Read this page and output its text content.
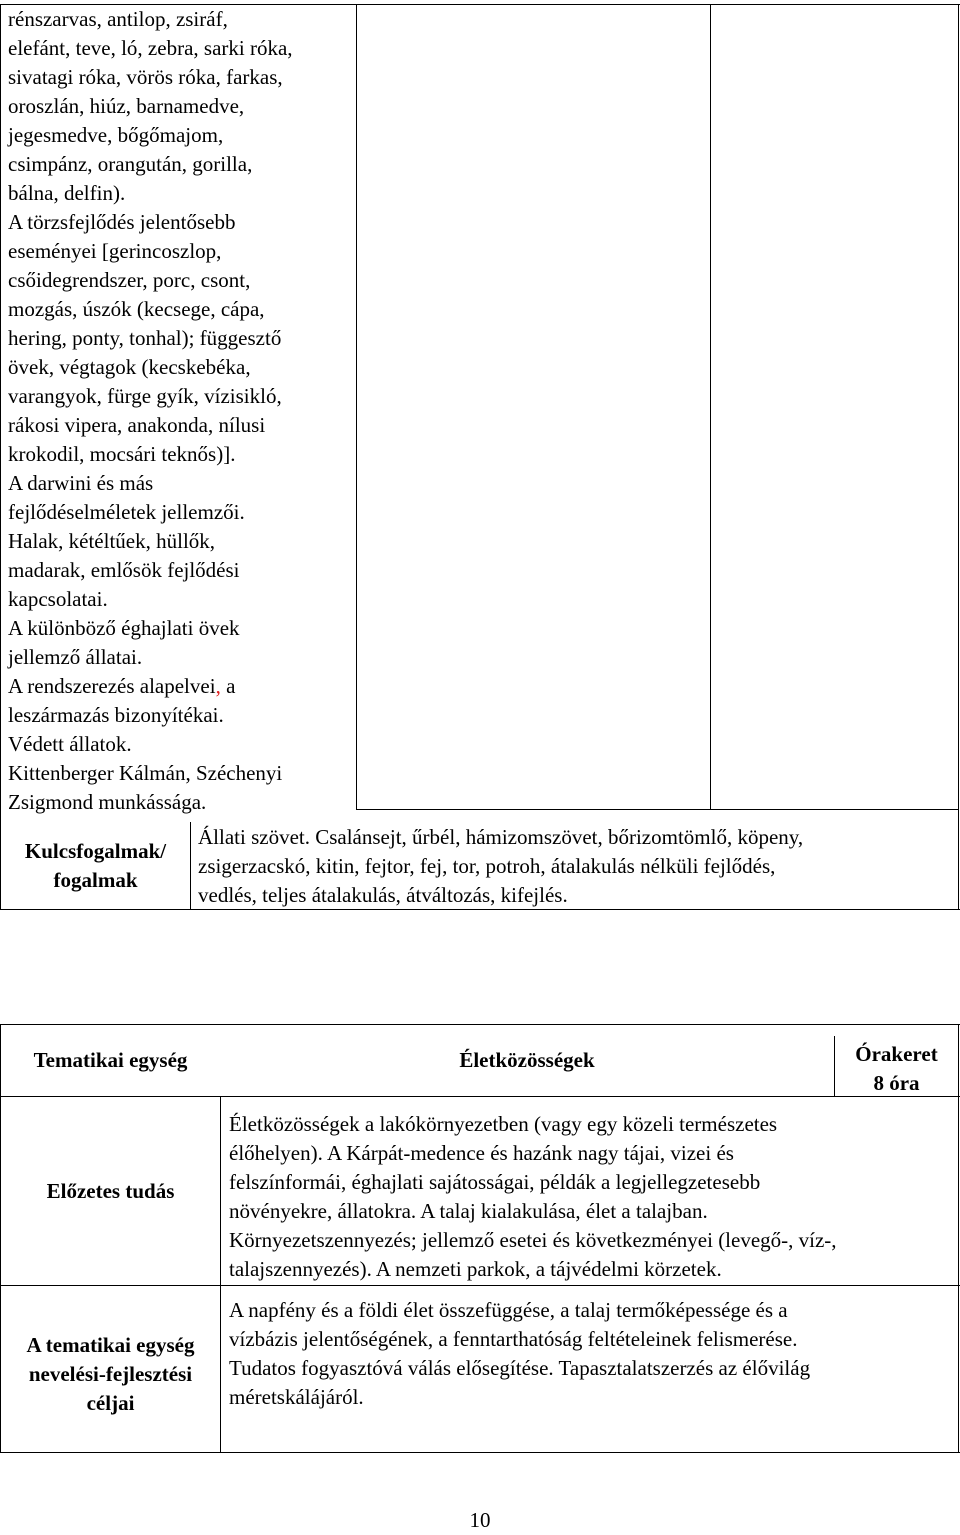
rénszarvas, antilop, zsiráf,
elefánt, teve, ló, zebra, sarki róka,
sivatagi róka, vörös róka, farkas,
oroszlán, hiúz, barnamedve,
jegesmedve, bőgőmajom,
csimpánz, orangután, gorilla,
bálna, delfin).
A törzsfejlődés jelentősebb
eseményei [gerincoszlop,
csőidegrendszer, porc, csont,
mozgás, úszók (kecsege, cápa,
hering, ponty, tonhal); függesztő
övek, végtagok (kecskebéka,
varangyok, fürge gyík, vízisikló,
rákosi vipera, anakonda, nílusi
krokodil, mocsári teknős)].
A darwini és más
fejlődéselméletek jellemzői.
Halak, kétéltűek, hüllők,
madarak, emlősök fejlődési
kapcsolatai.
A különböző éghajlati övek
jellemző állatai.
A rendszerezés alapelvei, a
leszármazás bizonyítékai.
Védett állatok.
Kittenberger Kálmán, Széchenyi
Zsigmond munkássága.
Kulcsfogalmak/
fogalmak
Állati szövet. Csalánsejt, űrbél, hámizomszövet, bőrizomtömlő, köpeny,
zsigerzacskó, kitin, fejtor, fej, tor, potroh, átalakulás nélküli fejlődés,
vedlés, teljes átalakulás, átváltozás, kifejlés.
Tematikai egység	Életközösségek	Órakeret
8 óra
Előzetes tudás
Életközösségek a lakókörnyezetben (vagy egy közeli természetes
élőhelyen). A Kárpát-medence és hazánk nagy tájai, vizei és
felszínformái, éghajlati sajátosságai, példák a legjellegzetesebb
növényekre, állatokra. A talaj kialakulása, élet a talajban.
Környezetszennyezés; jellemző esetei és következményei (levegő-, víz-,
talajszennyezés). A nemzeti parkok, a tájvédelmi körzetek.
A tematikai egység
nevelési-fejlesztési
céljai
A napfény és a földi élet összefüggése, a talaj termőképessége és a
vízbázis jelentőségének, a fenntarthatóság feltételeinek felismerése.
Tudatos fogyasztóvá válás elősegítése. Tapasztalatszerzés az élővilág
méretskálájáról.
10
